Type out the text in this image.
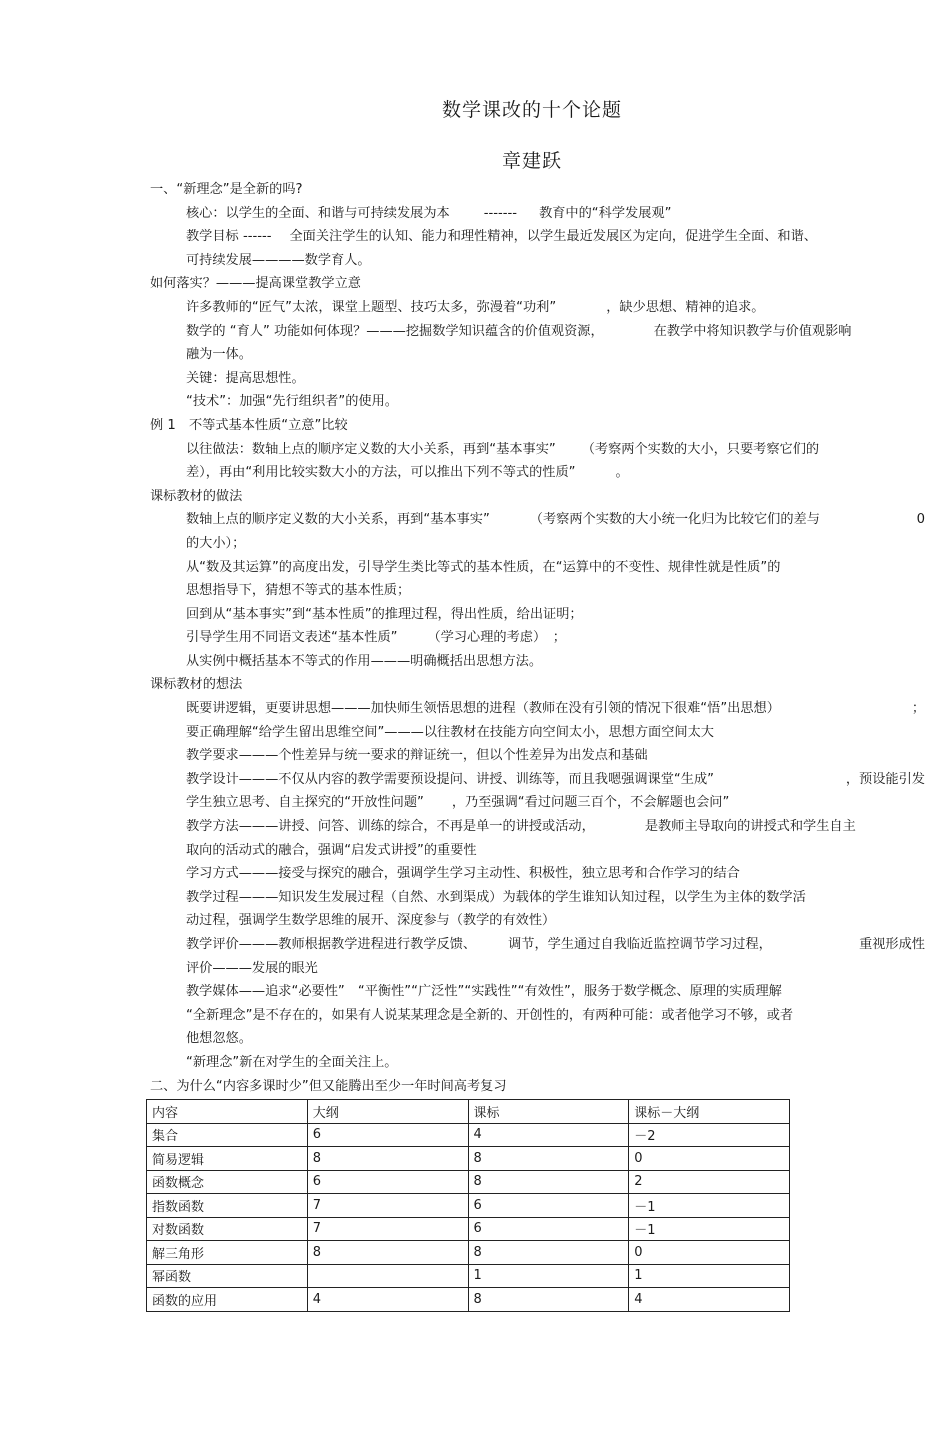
数学课改的十个论题
章建跃
一、“新理念”是全新的吗?
核心：以学生的全面、和谐与可持续发展为本	------- 教育中的“科学发展观”
教学目标 ------ 全面关注学生的认知、能力和理性精神，以学生最近发展区为定向，促进学生全面、和谐、
可持续发展————数学育人。
如何落实？———提高课堂教学立意
许多教师的“匠气”太浓，课堂上题型、技巧太多，弥漫着“功利”	，缺少思想、精神的追求。
数学的 “育人” 功能如何体现？———挖掘数学知识蕴含的价值观资源，	在教学中将知识教学与价值观影响
融为一体。
关键：提高思想性。
“技术”：加强“先行组织者”的使用。
例 1　不等式基本性质“立意”比较
以往做法：数轴上点的顺序定义数的大小关系，再到“基本事实” （考察两个实数的大小，只要考察它们的
差），再由“利用比较实数大小的方法，可以推出下列不等式的性质”	。
课标教材的做法
数轴上点的顺序定义数的大小关系，再到“基本事实”	（考察两个实数的大小统一化归为比较它们的差与	0
的大小）；
从“数及其运算”的高度出发，引导学生类比等式的基本性质，在“运算中的不变性、规律性就是性质”的
思想指导下，猜想不等式的基本性质；
回到从“基本事实”到“基本性质”的推理过程，得出性质，给出证明；
引导学生用不同语文表述“基本性质” （学习心理的考虑）　；
从实例中概括基本不等式的作用———明确概括出思想方法。
课标教材的想法
既要讲逻辑，更要讲思想———加快师生领悟思想的进程（教师在没有引领的情况下很难“悟”出思想）	；
要正确理解“给学生留出思维空间”———以往教材在技能方向空间太小，思想方面空间太大
教学要求———个性差异与统一要求的辩证统一，但以个性差异为出发点和基础
教学设计———不仅从内容的教学需要预设提问、讲授、训练等，而且我嗯强调课堂“生成”	，预设能引发
学生独立思考、自主探究的“开放性问题” ，乃至强调“看过问题三百个，不会解题也会问”
教学方法———讲授、问答、训练的综合，不再是单一的讲授或活动，	是教师主导取向的讲授式和学生自主
取向的活动式的融合，强调“启发式讲授”的重要性
学习方式———接受与探究的融合，强调学生学习主动性、积极性，独立思考和合作学习的结合
教学过程———知识发生发展过程（自然、水到渠成）为载体的学生谁知认知过程，以学生为主体的数学活
动过程，强调学生数学思维的展开、深度参与（教学的有效性）
教学评价———教师根据教学进程进行教学反馈、 调节，学生通过自我临近监控调节学习过程，	重视形成性
评价———发展的眼光
教学媒体——追求“必要性”　“平衡性”“广泛性”“实践性”“有效性”，服务于数学概念、原理的实质理解
“全新理念”是不存在的，如果有人说某某理念是全新的、开创性的，有两种可能：或者他学习不够，或者
他想忽悠。
“新理念”新在对学生的全面关注上。
二、为什么“内容多课时少”但又能腾出至少一年时间高考复习
内容	大纲	课标	课标－大纲
集合	6	4	－2
简易逻辑	8	8	0
函数概念	6	8	2
指数函数	7	6	－1
对数函数	7	6	－1
解三角形	8	8	0
幂函数		1	1
函数的应用	4	8	4
